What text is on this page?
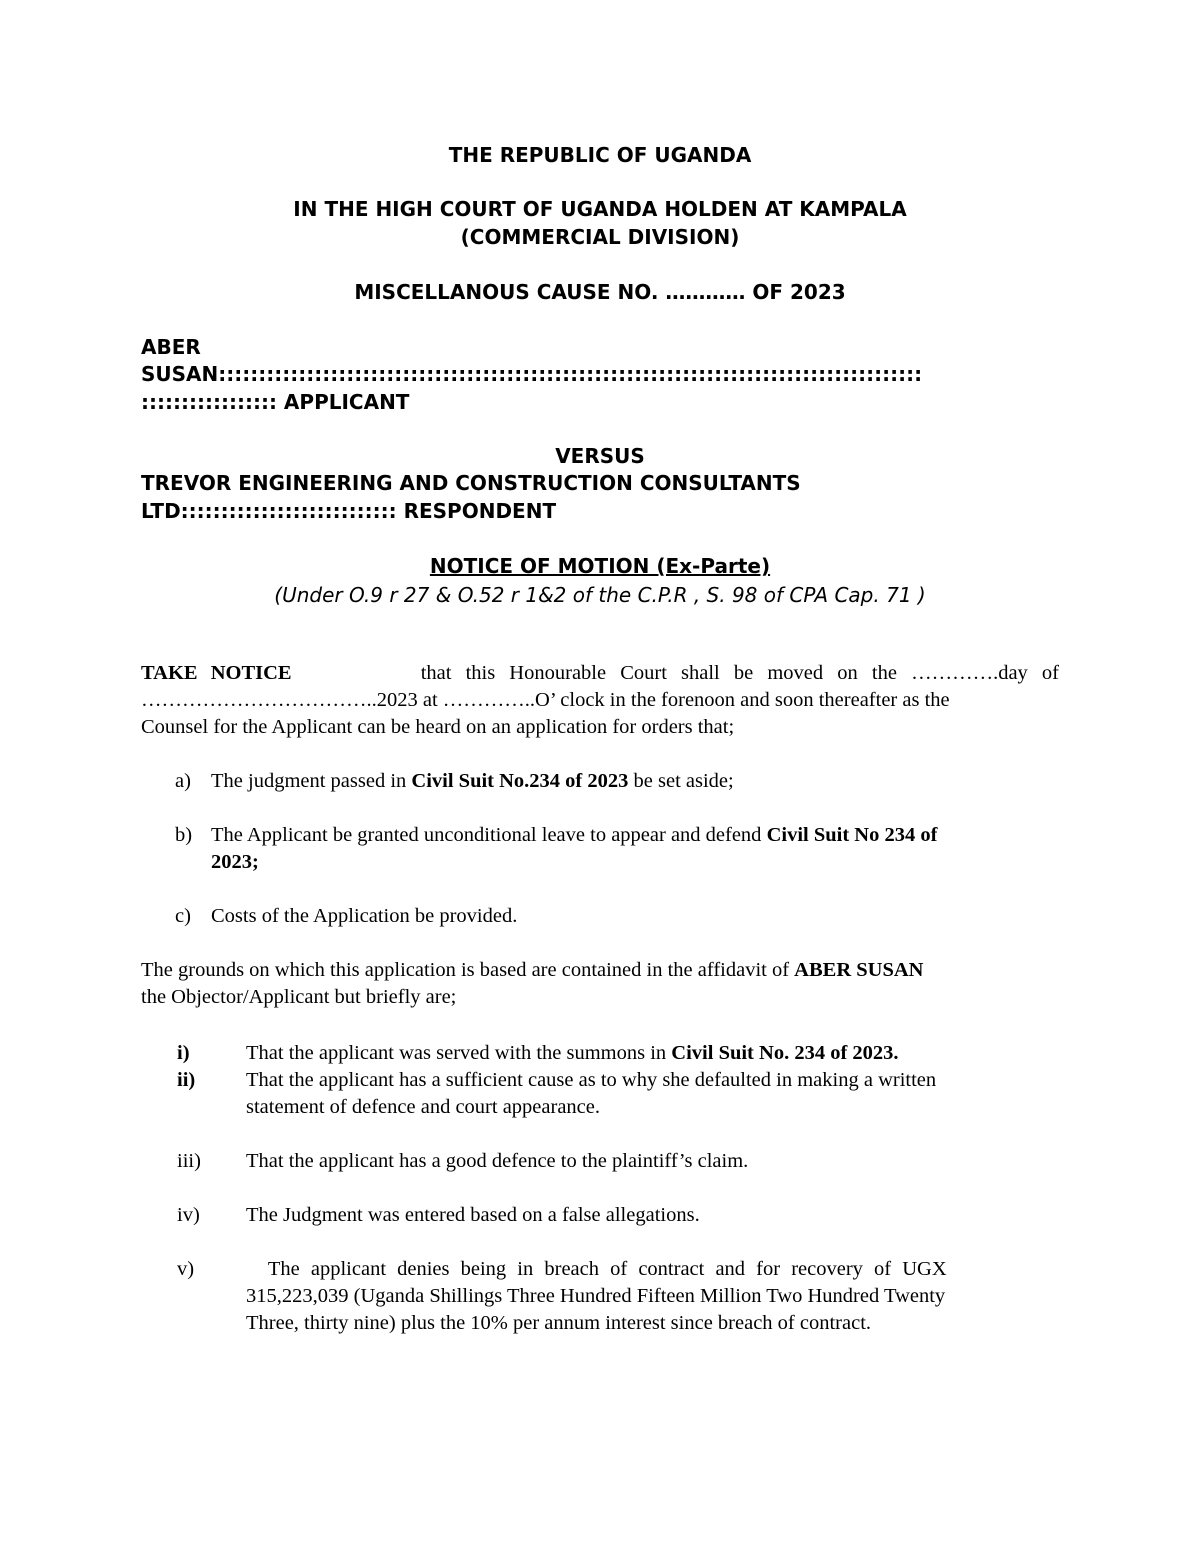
THE REPUBLIC OF UGANDA
IN THE HIGH COURT OF UGANDA HOLDEN AT KAMPALA
(COMMERCIAL DIVISION)
MISCELLANOUS CAUSE NO. ………… OF 2023
ABER
SUSAN::::::::::::::::::::::::::::::::::::::::::::::::::::::::::::::::::::::::::::::::::::::::
::::::::::::::::: APPLICANT
VERSUS
TREVOR ENGINEERING AND CONSTRUCTION CONSULTANTS
LTD::::::::::::::::::::::::::: RESPONDENT
NOTICE OF MOTION (Ex-Parte)
(Under O.9 r 27 & O.52 r 1&2 of the C.P.R , S. 98 of CPA Cap. 71 )
TAKE NOTICE	that this Honourable Court shall be moved on the ………….day of
……………………………..2023 at …………..O’ clock in the forenoon and soon thereafter as the
Counsel for the Applicant can be heard on an application for orders that;
a) The judgment passed in Civil Suit No.234 of 2023 be set aside;
b) The Applicant be granted unconditional leave to appear and defend Civil Suit No 234 of
2023;
c) Costs of the Application be provided.
The grounds on which this application is based are contained in the affidavit of ABER SUSAN
the Objector/Applicant but briefly are;
i)	That the applicant was served with the summons in Civil Suit No. 234 of 2023.
ii) That the applicant has a sufficient cause as to why she defaulted in making a written
statement of defence and court appearance.
iii) That the applicant has a good defence to the plaintiff’s claim.
iv) The Judgment was entered based on a false allegations.
v)	The applicant denies being in breach of contract and for recovery of UGX
315,223,039 (Uganda Shillings Three Hundred Fifteen Million Two Hundred Twenty
Three, thirty nine) plus the 10% per annum interest since breach of contract.
